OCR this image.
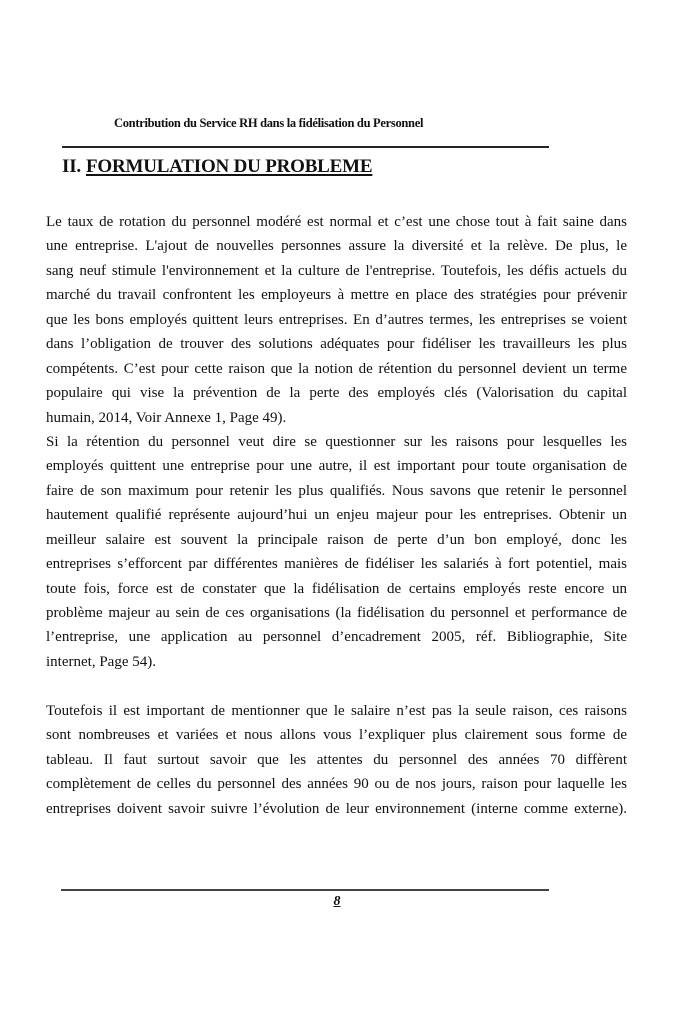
Contribution du Service RH dans la fidélisation du Personnel
II. FORMULATION DU PROBLEME

Le taux de rotation du personnel modéré est normal et c’est une chose tout à fait saine dans
une entreprise. L'ajout de nouvelles personnes assure la diversité et la relève. De plus, le
sang neuf stimule l'environnement et la culture de l'entreprise. Toutefois, les défis actuels du
marché du travail confrontent les employeurs à mettre en place des stratégies pour prévenir
que les bons employés quittent leurs entreprises. En d’autres termes, les entreprises se voient
dans l’obligation de trouver des solutions adéquates pour fidéliser les travailleurs les plus
compétents. C’est pour cette raison que la notion de rétention du personnel devient un terme
populaire qui vise la prévention de la perte des employés clés (Valorisation du capital
humain, 2014, Voir Annexe 1, Page 49).

Si la rétention du personnel veut dire se questionner sur les raisons pour lesquelles les
employés quittent une entreprise pour une autre, il est important pour toute organisation de
faire de son maximum pour retenir les plus qualifiés. Nous savons que retenir le personnel
hautement qualifié représente aujourd’hui un enjeu majeur pour les entreprises. Obtenir un
meilleur salaire est souvent la principale raison de perte d’un bon employé, donc les
entreprises s’efforcent par différentes manières de fidéliser les salariés à fort potentiel, mais
toute fois, force est de constater que la fidélisation de certains employés reste encore un
problème majeur au sein de ces organisations (la fidélisation du personnel et performance de
l’entreprise, une application au personnel d’encadrement 2005, réf. Bibliographie, Site
internet, Page 54).

Toutefois il est important de mentionner que le salaire n’est pas la seule raison, ces raisons
sont nombreuses et variées et nous allons vous l’expliquer plus clairement sous forme de
tableau. Il faut surtout savoir que les attentes du personnel des années 70 diffèrent
complètement de celles du personnel des années 90 ou de nos jours, raison pour laquelle les
entreprises doivent savoir suivre l’évolution de leur environnement (interne comme externe).

8
